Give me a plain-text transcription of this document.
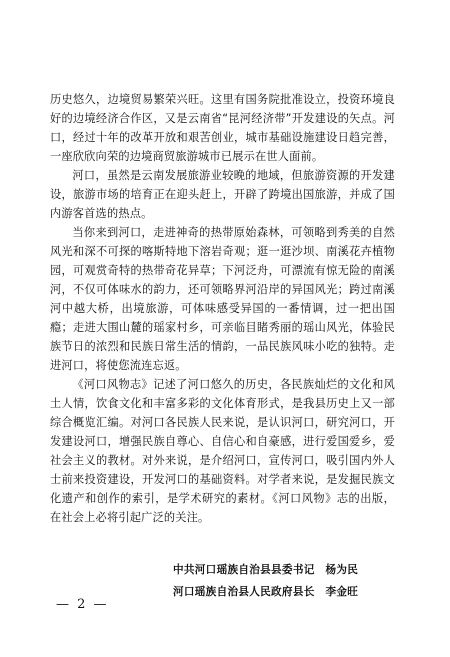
历史悠久，边境贸易繁荣兴旺。这里有国务院批准设立，投资环境良好的边境经济合作区，又是云南省“昆河经济带”开发建设的矢点。河口，经过十年的改革开放和艰苦创业，城市基础设施建设日趋完善，一座欣欣向荣的边境商贸旅游城市已展示在世人面前。

河口，虽然是云南发展旅游业较晚的地域，但旅游资源的开发建设，旅游市场的培育正在迎头赶上，开辟了跨境出国旅游，并成了国内游客首选的热点。

当你来到河口，走进神奇的热带原始森林，可领略到秀美的自然风光和深不可探的喀斯特地下溶岩奇观；逛一逛沙坝、南溪花卉植物园，可观赏奇特的热带奇花异草；下河泛舟，可漂流有惊无险的南溪河，不仅可体味水的韵力，还可领略界河沿岸的异国风光；跨过南溪河中越大桥，出境旅游，可体味感受异国的一番情调，过一把出国瘾；走进大围山麓的瑶家村乡，可亲临目睹秀丽的瑶山风光，体验民族节日的浓烈和民族日常生活的情韵，一品民族风味小吃的独特。走进河口，将使您流连忘返。

《河口风物志》记述了河口悠久的历史，各民族灿烂的文化和风土人情，饮食文化和丰富多彩的文化体育形式，是我县历史上又一部综合概览汇编。对河口各民族人民来说，是认识河口，研究河口，开发建设河口，增强民族自尊心、自信心和自豪感，进行爱国爱乡，爱社会主义的教材。对外来说，是介绍河口，宣传河口，吸引国内外人士前来投资建设，开发河口的基础资料。对学者来说，是发掘民族文化遗产和创作的索引，是学术研究的素材。《河口风物》志的出版，在社会上必将引起广泛的关注。

中共河口瑶族自治县县委书记　杨为民
河口瑶族自治县人民政府县长　李金旺
— 2 —
